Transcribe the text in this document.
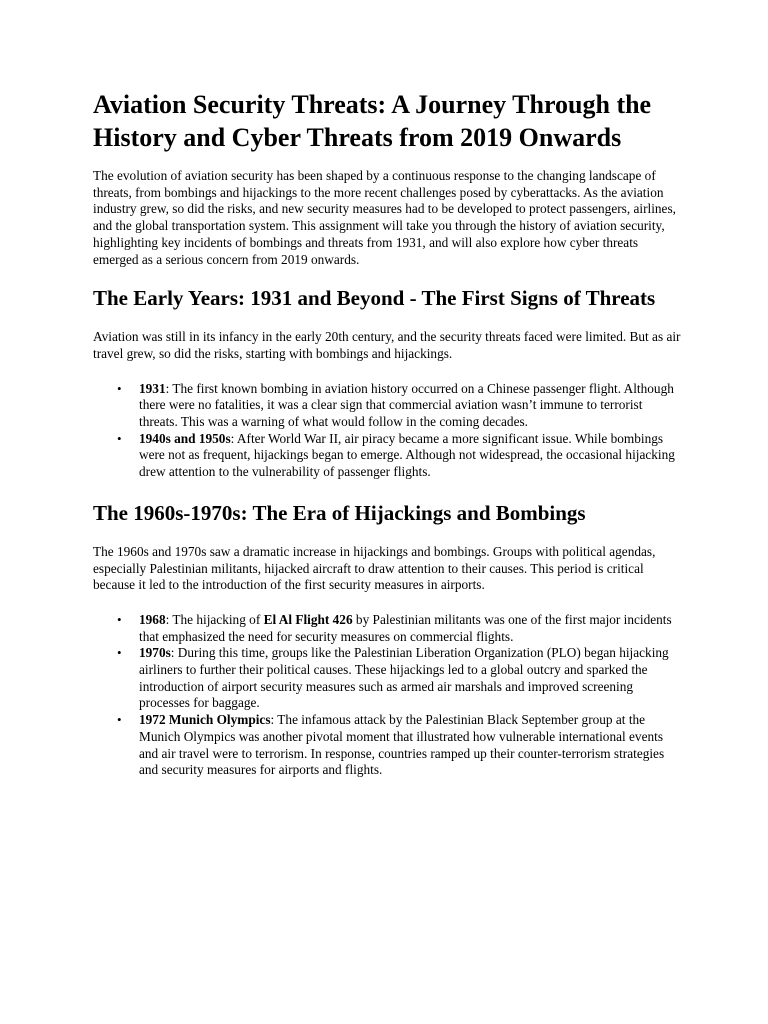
Aviation Security Threats: A Journey Through the History and Cyber Threats from 2019 Onwards

The evolution of aviation security has been shaped by a continuous response to the changing landscape of threats, from bombings and hijackings to the more recent challenges posed by cyberattacks. As the aviation industry grew, so did the risks, and new security measures had to be developed to protect passengers, airlines, and the global transportation system. This assignment will take you through the history of aviation security, highlighting key incidents of bombings and threats from 1931, and will also explore how cyber threats emerged as a serious concern from 2019 onwards.

The Early Years: 1931 and Beyond - The First Signs of Threats

Aviation was still in its infancy in the early 20th century, and the security threats faced were limited. But as air travel grew, so did the risks, starting with bombings and hijackings.

• 1931: The first known bombing in aviation history occurred on a Chinese passenger flight. Although there were no fatalities, it was a clear sign that commercial aviation wasn’t immune to terrorist threats. This was a warning of what would follow in the coming decades.
• 1940s and 1950s: After World War II, air piracy became a more significant issue. While bombings were not as frequent, hijackings began to emerge. Although not widespread, the occasional hijacking drew attention to the vulnerability of passenger flights.
The 1960s-1970s: The Era of Hijackings and Bombings

The 1960s and 1970s saw a dramatic increase in hijackings and bombings. Groups with political agendas, especially Palestinian militants, hijacked aircraft to draw attention to their causes. This period is critical because it led to the introduction of the first security measures in airports.

• 1968: The hijacking of El Al Flight 426 by Palestinian militants was one of the first major incidents that emphasized the need for security measures on commercial flights.
• 1970s: During this time, groups like the Palestinian Liberation Organization (PLO) began hijacking airliners to further their political causes. These hijackings led to a global outcry and sparked the introduction of airport security measures such as armed air marshals and improved screening processes for baggage.
• 1972 Munich Olympics: The infamous attack by the Palestinian Black September group at the Munich Olympics was another pivotal moment that illustrated how vulnerable international events and air travel were to terrorism. In response, countries ramped up their counter-terrorism strategies and security measures for airports and flights.
